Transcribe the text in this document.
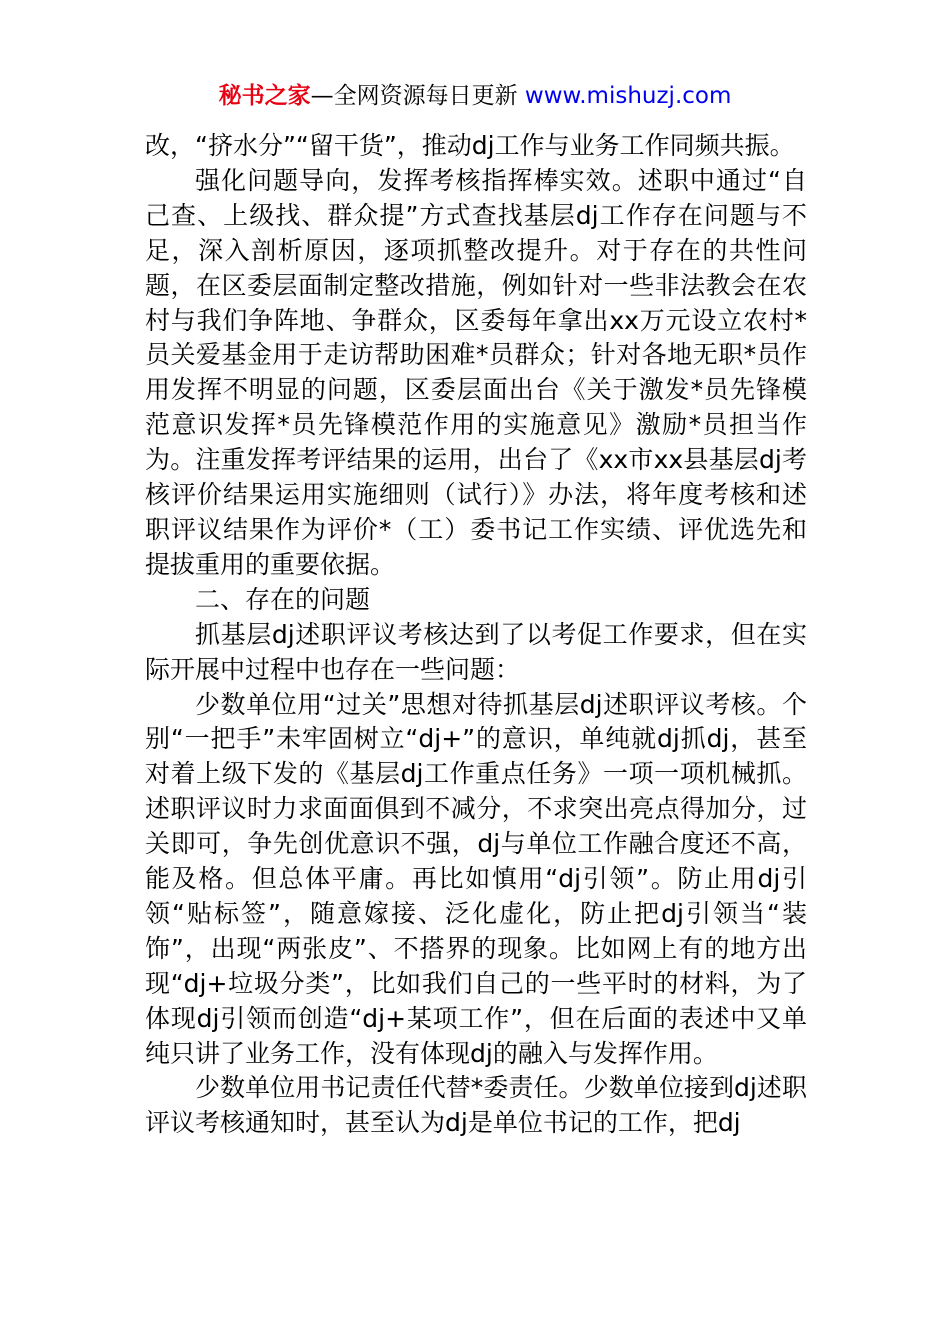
秘书之家—全网资源每日更新 www.mishuzj.com

改，“挤水分”“留干货”，推动dj工作与业务工作同频共振。

强化问题导向，发挥考核指挥棒实效。述职中通过“自己查、上级找、群众提”方式查找基层dj工作存在问题与不足，深入剖析原因，逐项抓整改提升。对于存在的共性问题，在区委层面制定整改措施，例如针对一些非法教会在农村与我们争阵地、争群众，区委每年拿出xx万元设立农村*员关爱基金用于走访帮助困难*员群众；针对各地无职*员作用发挥不明显的问题，区委层面出台《关于激发*员先锋模范意识发挥*员先锋模范作用的实施意见》激励*员担当作为。注重发挥考评结果的运用，出台了《xx市xx县基层dj考核评价结果运用实施细则（试行）》办法，将年度考核和述职评议结果作为评价*（工）委书记工作实绩、评优选先和提拔重用的重要依据。

二、存在的问题

抓基层dj述职评议考核达到了以考促工作要求，但在实际开展中过程中也存在一些问题：

少数单位用“过关”思想对待抓基层dj述职评议考核。个别“一把手”未牢固树立“dj+”的意识，单纯就dj抓dj，甚至对着上级下发的《基层dj工作重点任务》一项一项机械抓。述职评议时力求面面俱到不减分，不求突出亮点得加分，过关即可，争先创优意识不强，dj与单位工作融合度还不高，能及格。但总体平庸。再比如慎用“dj引领”。防止用dj引领“贴标签”，随意嫁接、泛化虚化，防止把dj引领当“装饰”，出现“两张皮”、不搭界的现象。比如网上有的地方出现“dj+垃圾分类”，比如我们自己的一些平时的材料，为了体现dj引领而创造“dj+某项工作”，但在后面的表述中又单纯只讲了业务工作，没有体现dj的融入与发挥作用。

少数单位用书记责任代替*委责任。少数单位接到dj述职评议考核通知时，甚至认为dj是单位书记的工作，把dj
